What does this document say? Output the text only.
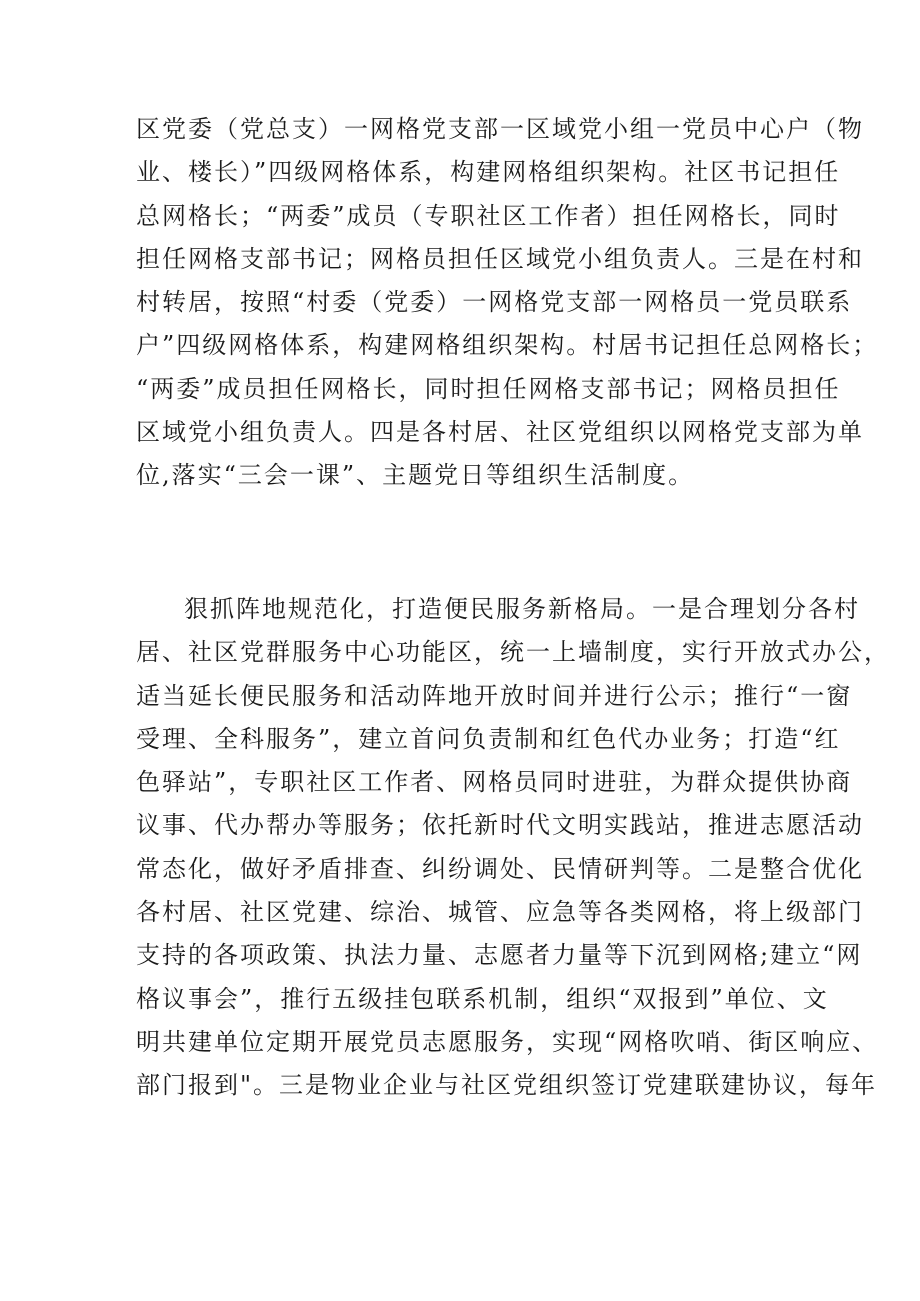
区党委（党总支）一网格党支部一区域党小组一党员中心户（物
业、楼长）”四级网格体系，构建网格组织架构。社区书记担任
总网格长；“两委”成员（专职社区工作者）担任网格长，同时
担任网格支部书记；网格员担任区域党小组负责人。三是在村和
村转居，按照“村委（党委）一网格党支部一网格员一党员联系
户”四级网格体系，构建网格组织架构。村居书记担任总网格长；
“两委”成员担任网格长，同时担任网格支部书记；网格员担任
区域党小组负责人。四是各村居、社区党组织以网格党支部为单
位,落实“三会一课”、主题党日等组织生活制度。
狠抓阵地规范化，打造便民服务新格局。一是合理划分各村
居、社区党群服务中心功能区，统一上墙制度，实行开放式办公，
适当延长便民服务和活动阵地开放时间并进行公示；推行“一窗
受理、全科服务”，建立首问负责制和红色代办业务；打造“红
色驿站”，专职社区工作者、网格员同时进驻，为群众提供协商
议事、代办帮办等服务；依托新时代文明实践站，推进志愿活动
常态化，做好矛盾排查、纠纷调处、民情研判等。二是整合优化
各村居、社区党建、综治、城管、应急等各类网格，将上级部门
支持的各项政策、执法力量、志愿者力量等下沉到网格;建立“网
格议事会”，推行五级挂包联系机制，组织“双报到”单位、文
明共建单位定期开展党员志愿服务，实现“网格吹哨、街区响应、
部门报到"。三是物业企业与社区党组织签订党建联建协议，每年
